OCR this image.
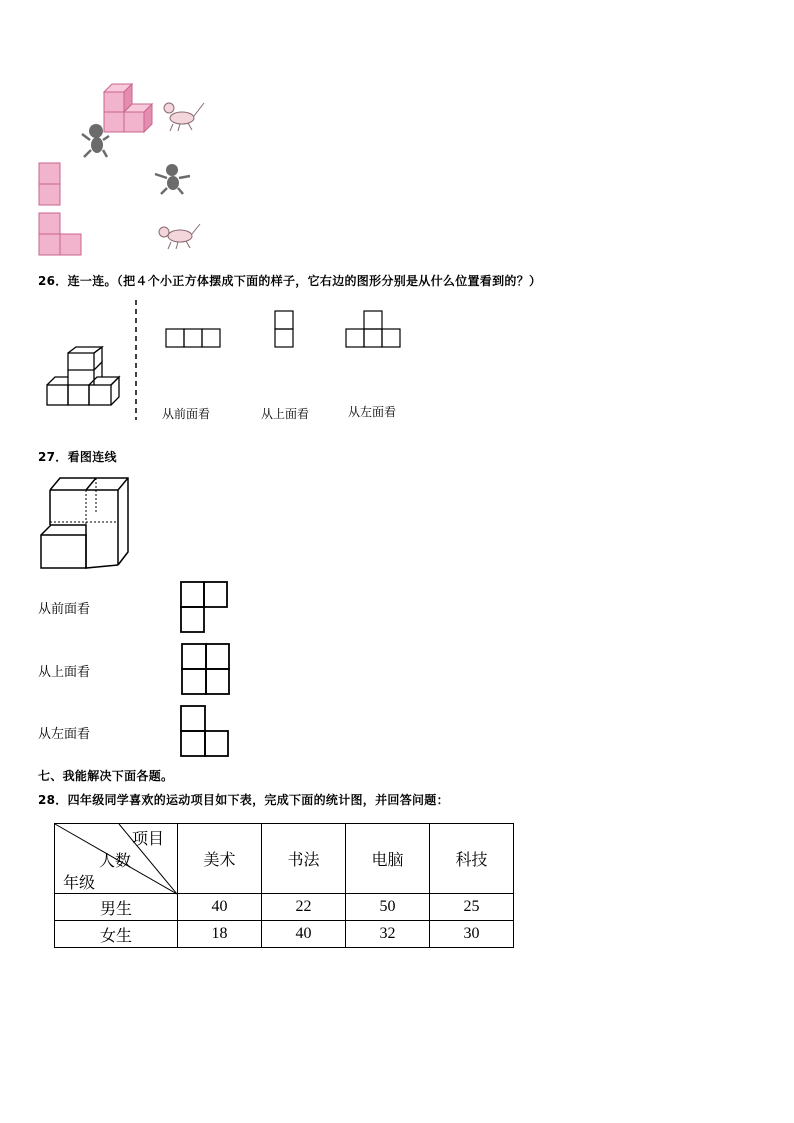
26．连一连。（把４个小正方体摆成下面的样子，它右边的图形分别是从什么位置看到的？）
从前面看	从上面看	从左面看
27．看图连线
从前面看
从上面看
从左面看
七、我能解决下面各题。
28．四年级同学喜欢的运动项目如下表，完成下面的统计图，并回答问题：
项目
人数
年级	美术	书法	电脑	科技
男生	40	22	50	25
女生	18	40	32	30
